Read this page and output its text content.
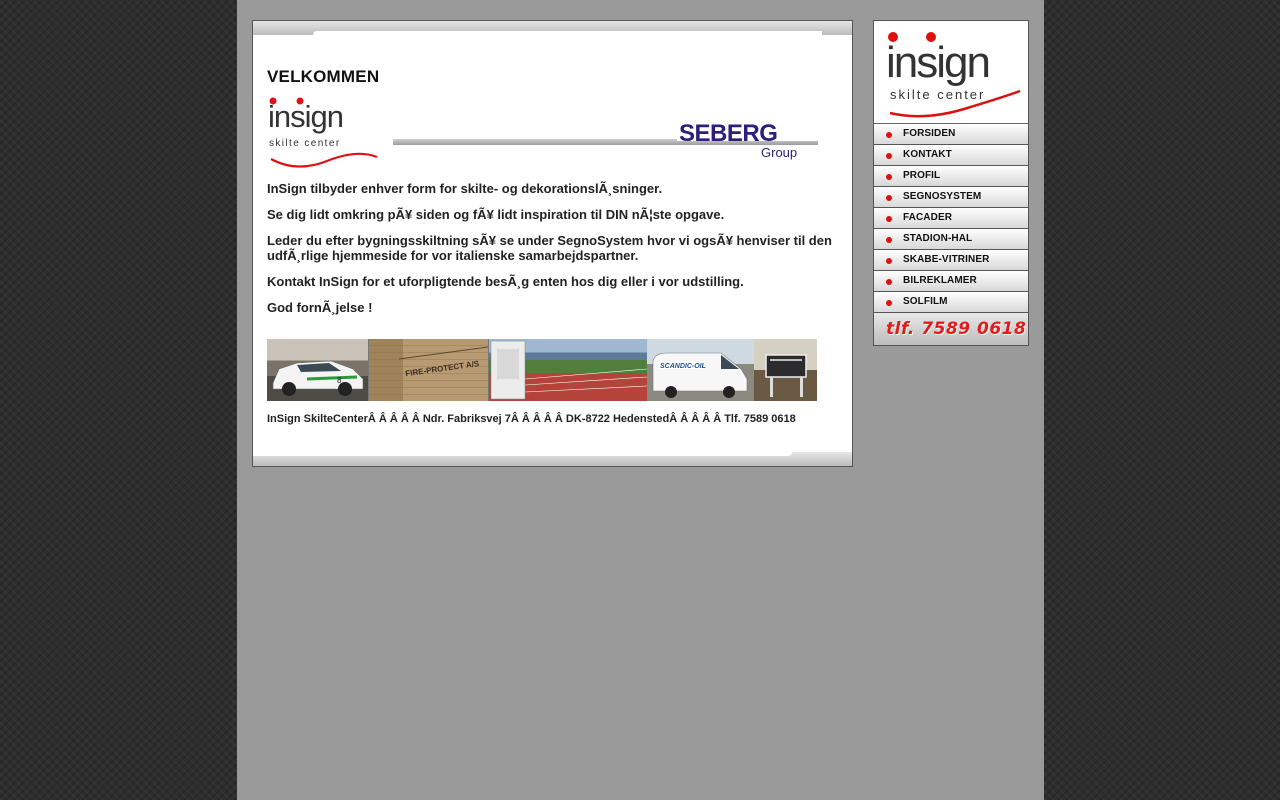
VELKOMMEN
insign
skilte center	SEBERG
Group

InSign tilbyder enhver form for skilte- og dekorationslÃ¸sninger.

Se dig lidt omkring pÃ¥ siden og fÃ¥ lidt inspiration til DIN nÃ¦ste opgave.

Leder du efter bygningsskiltning sÃ¥ se under SegnoSystem hvor vi ogsÃ¥ henviser til den udfÃ¸rlige hjemmeside for vor italienske samarbejdspartner.

Kontakt InSign for et uforpligtende besÃ¸g enten hos dig eller i vor udstilling.

God fornÃ¸jelse !

8
FIRE-PROTECT A/S	SCANDIC-OIL
InSign SkilteCenterÂ Â Â Â Â Ndr. Fabriksvej 7Â Â Â Â Â DK-8722 HedenstedÂ Â Â Â Â Tlf. 7589 0618
insign
skilte center
FORSIDEN
KONTAKT
PROFIL
SEGNOSYSTEM
FACADER
STADION-HAL
SKABE-VITRINER
BILREKLAMER
SOLFILM
tlf. 7589 0618
